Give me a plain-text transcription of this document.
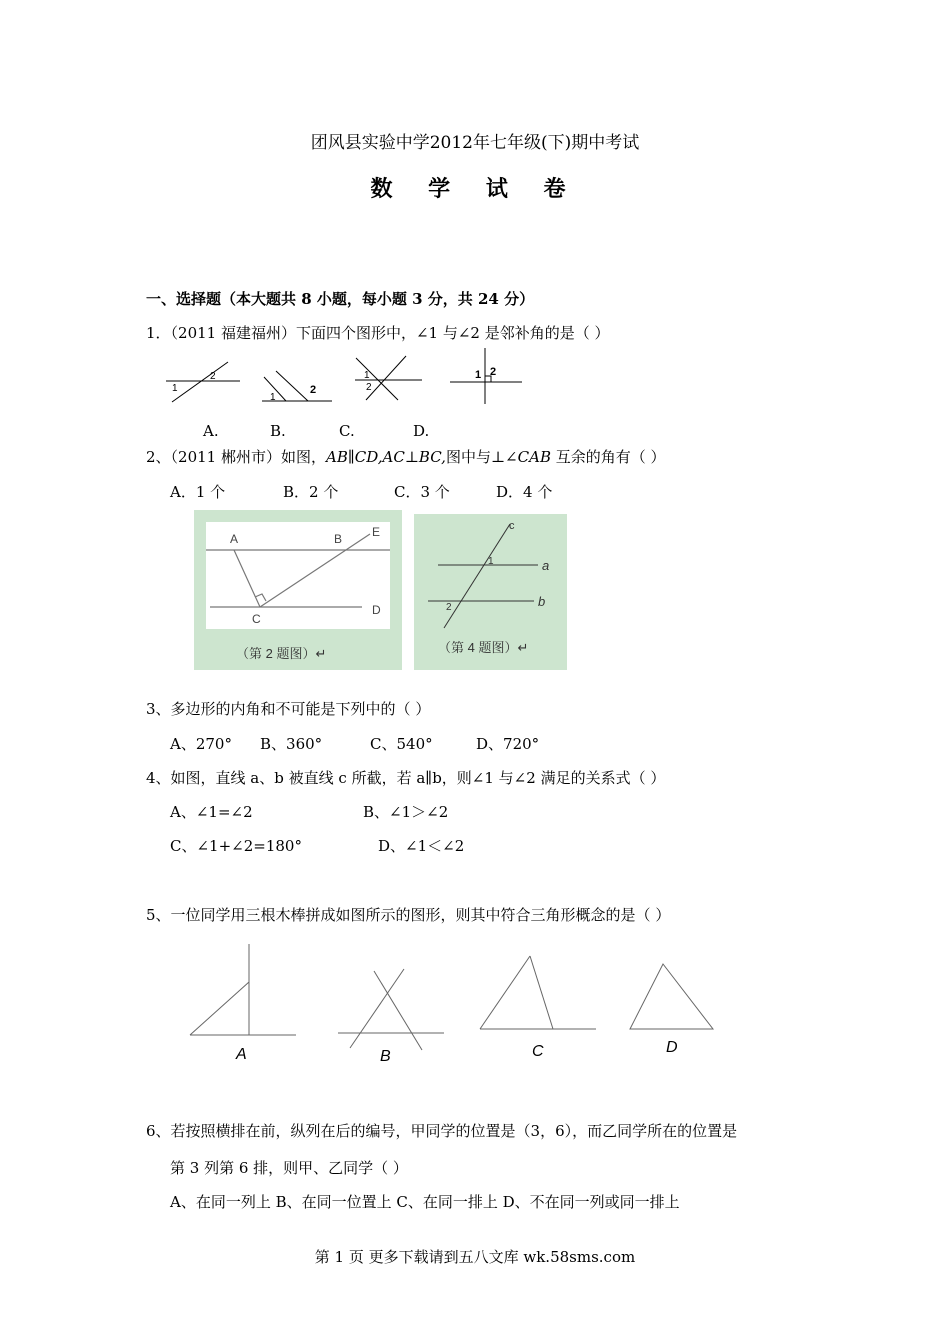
团风县实验中学2012年七年级(下)期中考试
数 学 试 卷
一、选择题（本大题共 8 小题，每小题 3 分，共 24 分）
1．（2011 福建福州）下面四个图形中，∠1 与∠2 是邻补角的是（ ）
1
2
1
2
1
2
1 2
A.	B.	C.	D.
2、（2011 郴州市）如图，AB∥CD,AC⊥BC,图中与⊥∠CAB 互余的角有（ ）
A．1 个	B．2 个	C．3 个	D．4 个
A	B E
C
D
（第 2 题图）↵
c
a
b
1
2
（第 4 题图）↵
3、多边形的内角和不可能是下列中的（ ）
A、270° B、360°	C、540°	D、720°
4、如图，直线 a、b 被直线 c 所截，若 a∥b，则∠1 与∠2 满足的关系式（ ）
A、∠1=∠2	B、∠1＞∠2
C、∠1+∠2=180°	D、∠1＜∠2
5、一位同学用三根木棒拼成如图所示的图形，则其中符合三角形概念的是（ ）
A	B	C	D
6、若按照横排在前，纵列在后的编号，甲同学的位置是（3，6），而乙同学所在的位置是
第 3 列第 6 排，则甲、乙同学（ ）
A、在同一列上 B、在同一位置上 C、在同一排上 D、不在同一列或同一排上
第 1 页 更多下载请到五八文库 wk.58sms.com
